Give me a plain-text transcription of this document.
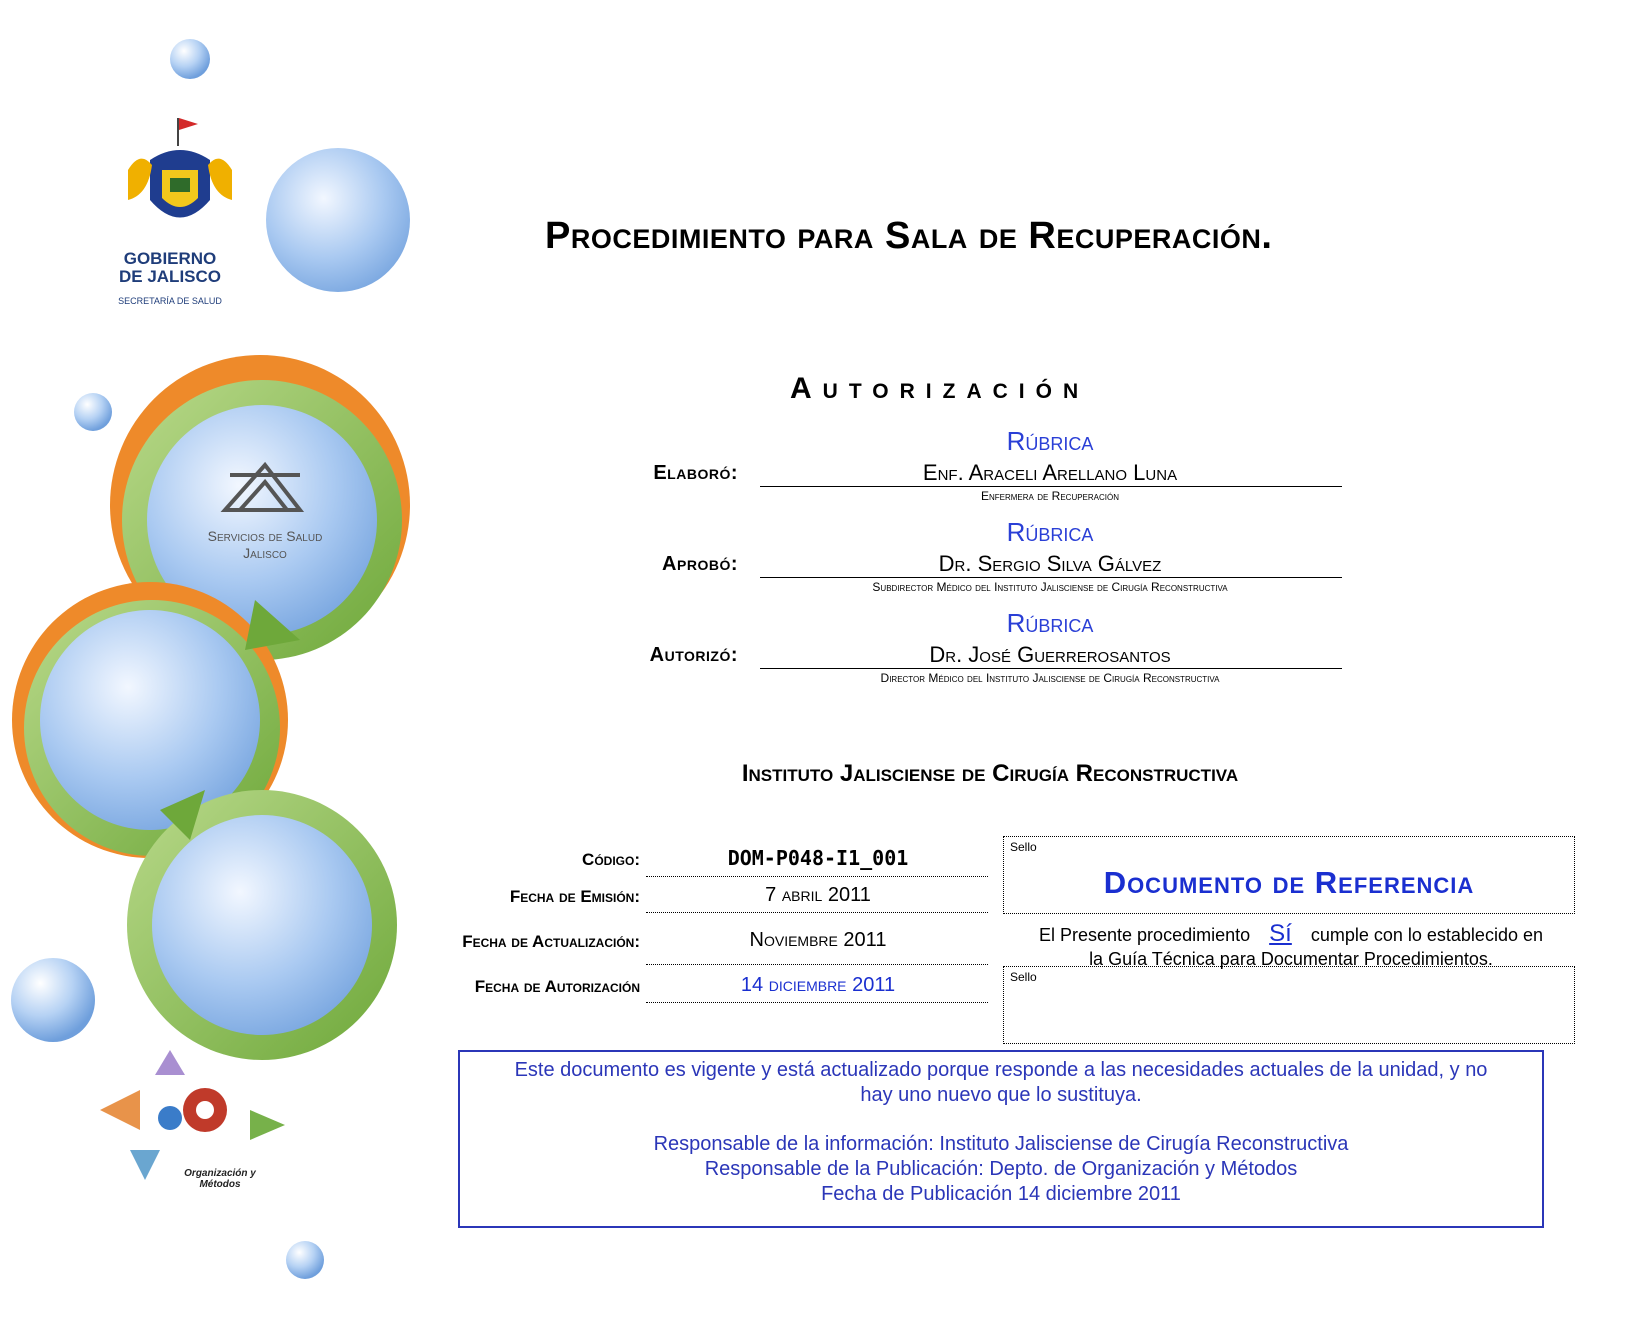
GOBIERNO
DE JALISCO
SECRETARÍA DE SALUD
Servicios de Salud
Jalisco
Organización y
Métodos
Procedimiento para Sala de Recuperación.
Autorización
Rúbrica
Elaboró:	Enf. Araceli Arellano Luna
Enfermera de Recuperación
Rúbrica
Aprobó:	Dr. Sergio Silva Gálvez
Subdirector Médico del Instituto Jalisciense de Cirugía Reconstructiva
Rúbrica
Autorizó:	Dr. José Guerrerosantos
Director Médico del Instituto Jalisciense de Cirugía Reconstructiva
Instituto Jalisciense de Cirugía Reconstructiva
Código:	DOM-P048-I1_001
Fecha de Emisión:	7 abril 2011
Fecha de Actualización:	Noviembre 2011
Fecha de Autorización	14 diciembre 2011
Sello
Documento de Referencia
El Presente procedimiento Sí cumple con lo establecido en
la Guía Técnica para Documentar Procedimientos.
Sello

Este documento es vigente y está actualizado porque responde a las necesidades actuales de la unidad, y no

hay uno nuevo que lo sustituya.

Responsable de la información: Instituto Jalisciense de Cirugía Reconstructiva

Responsable de la Publicación: Depto. de Organización y Métodos

Fecha de Publicación 14 diciembre 2011
